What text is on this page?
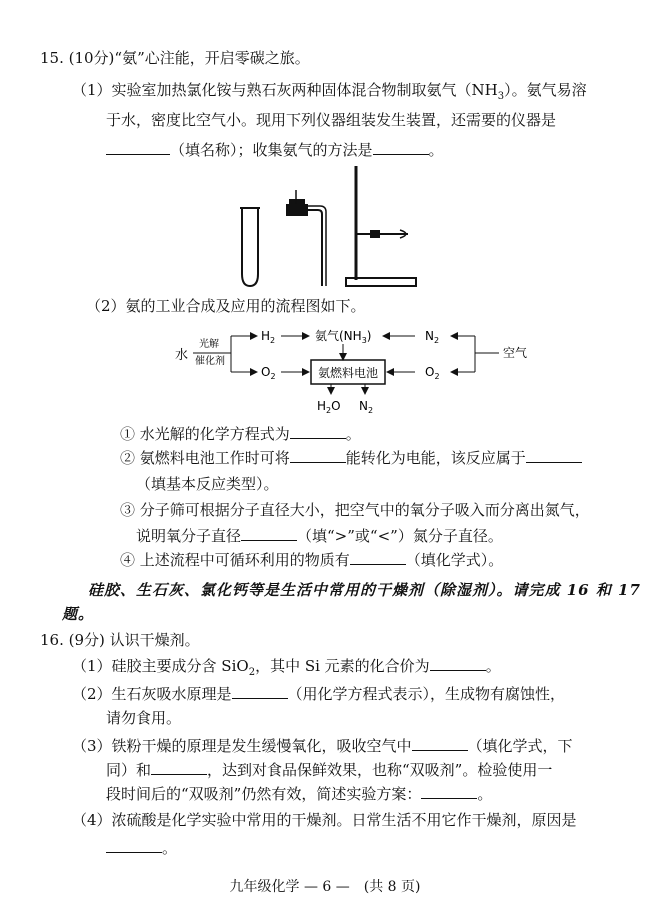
15. (10分)“氨”心注能，开启零碳之旅。
（1）实验室加热氯化铵与熟石灰两种固体混合物制取氨气$(NH_3)$。氨气易溶
于水，密度比空气小。现用下列仪器组装发生装置，还需要的仪器是
（填名称）；收集氨气的方法是	。
（2）氨的工业合成及应用的流程图如下。
水
光解
催化剂
$H_2$
$O_2$
氨气$(NH_3)$	$N_2$
空气
$O_2$
氨燃料电池
$H_2O$ $N_2$
① 水光解的化学方程式为	。
② 氨燃料电池工作时可将	能转化为电能，该反应属于
（填基本反应类型）。
③ 分子筛可根据分子直径大小，把空气中的氧分子吸入而分离出氮气，
说明氧分子直径	（填“>”或“<”）氮分子直径。
④ 上述流程中可循环利用的物质有	（填化学式）。
硅胶、生石灰、氯化钙等是生活中常用的干燥剂（除湿剂）。请完成 16 和 17
题。
16. (9分) 认识干燥剂。
（1）硅胶主要成分含 SiO$_2$，其中 Si 元素的化合价为	。
（2）生石灰吸水原理是	（用化学方程式表示），生成物有腐蚀性，
请勿食用。
（3）铁粉干燥的原理是发生缓慢氧化，吸收空气中	（填化学式，下
同）和	，达到对食品保鲜效果，也称“双吸剂”。检验使用一
段时间后的“双吸剂”仍然有效，简述实验方案：	。
（4）浓硫酸是化学实验中常用的干燥剂。日常生活不用它作干燥剂，原因是
。
九年级化学 — 6 —　(共 8 页)
